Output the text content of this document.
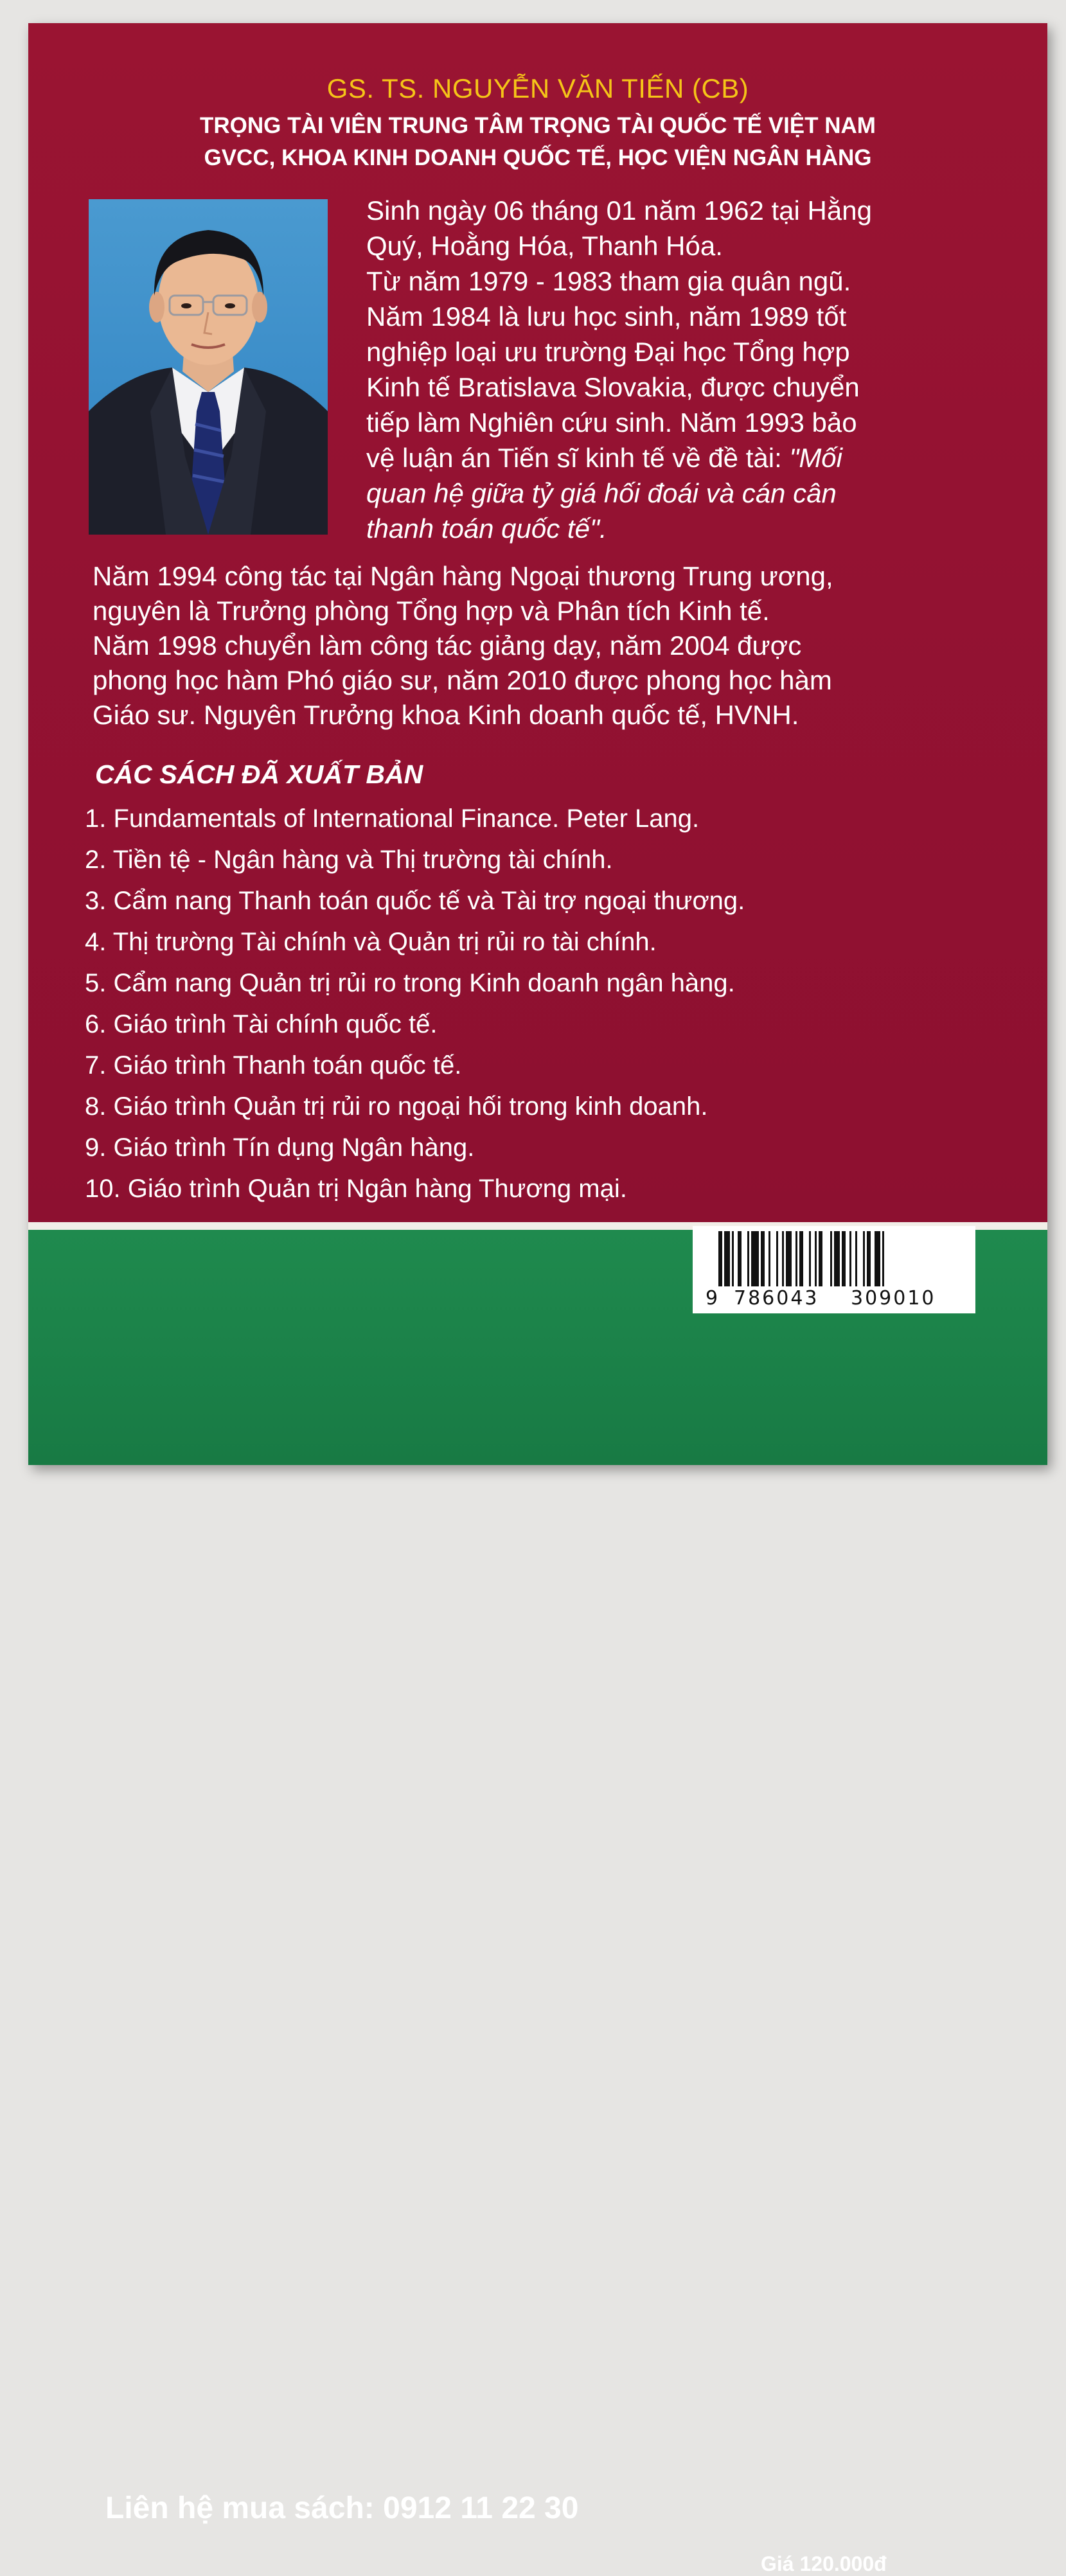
GS. TS. NGUYỄN VĂN TIẾN (CB)
TRỌNG TÀI VIÊN TRUNG TÂM TRỌNG TÀI QUỐC TẾ VIỆT NAM
GVCC, KHOA KINH DOANH QUỐC TẾ, HỌC VIỆN NGÂN HÀNG

Sinh ngày 06 tháng 01 năm 1962 tại Hằng

Quý, Hoằng Hóa, Thanh Hóa.

Từ năm 1979 - 1983 tham gia quân ngũ.

Năm 1984 là lưu học sinh, năm 1989 tốt

nghiệp loại ưu trường Đại học Tổng hợp

Kinh tế Bratislava Slovakia, được chuyển

tiếp làm Nghiên cứu sinh. Năm 1993 bảo

vệ luận án Tiến sĩ kinh tế về đề tài: "Mối

quan hệ giữa tỷ giá hối đoái và cán cân

thanh toán quốc tế".

Năm 1994 công tác tại Ngân hàng Ngoại thương Trung ương,

nguyên là Trưởng phòng Tổng hợp và Phân tích Kinh tế.

Năm 1998 chuyển làm công tác giảng dạy, năm 2004 được

phong học hàm Phó giáo sư, năm 2010 được phong học hàm

Giáo sư. Nguyên Trưởng khoa Kinh doanh quốc tế, HVNH.

CÁC SÁCH ĐÃ XUẤT BẢN
1. Fundamentals of International Finance. Peter Lang.
2. Tiền tệ - Ngân hàng và Thị trường tài chính.
3. Cẩm nang Thanh toán quốc tế và Tài trợ ngoại thương.
4. Thị trường Tài chính và Quản trị rủi ro tài chính.
5. Cẩm nang Quản trị rủi ro trong Kinh doanh ngân hàng.
6. Giáo trình Tài chính quốc tế.
7. Giáo trình Thanh toán quốc tế.
8. Giáo trình Quản trị rủi ro ngoại hối trong kinh doanh.
9. Giáo trình Tín dụng Ngân hàng.
10. Giáo trình Quản trị Ngân hàng Thương mại.
Liên hệ mua sách: 0912 11 22 30
Giá 120.000đ
9 786043 309010
